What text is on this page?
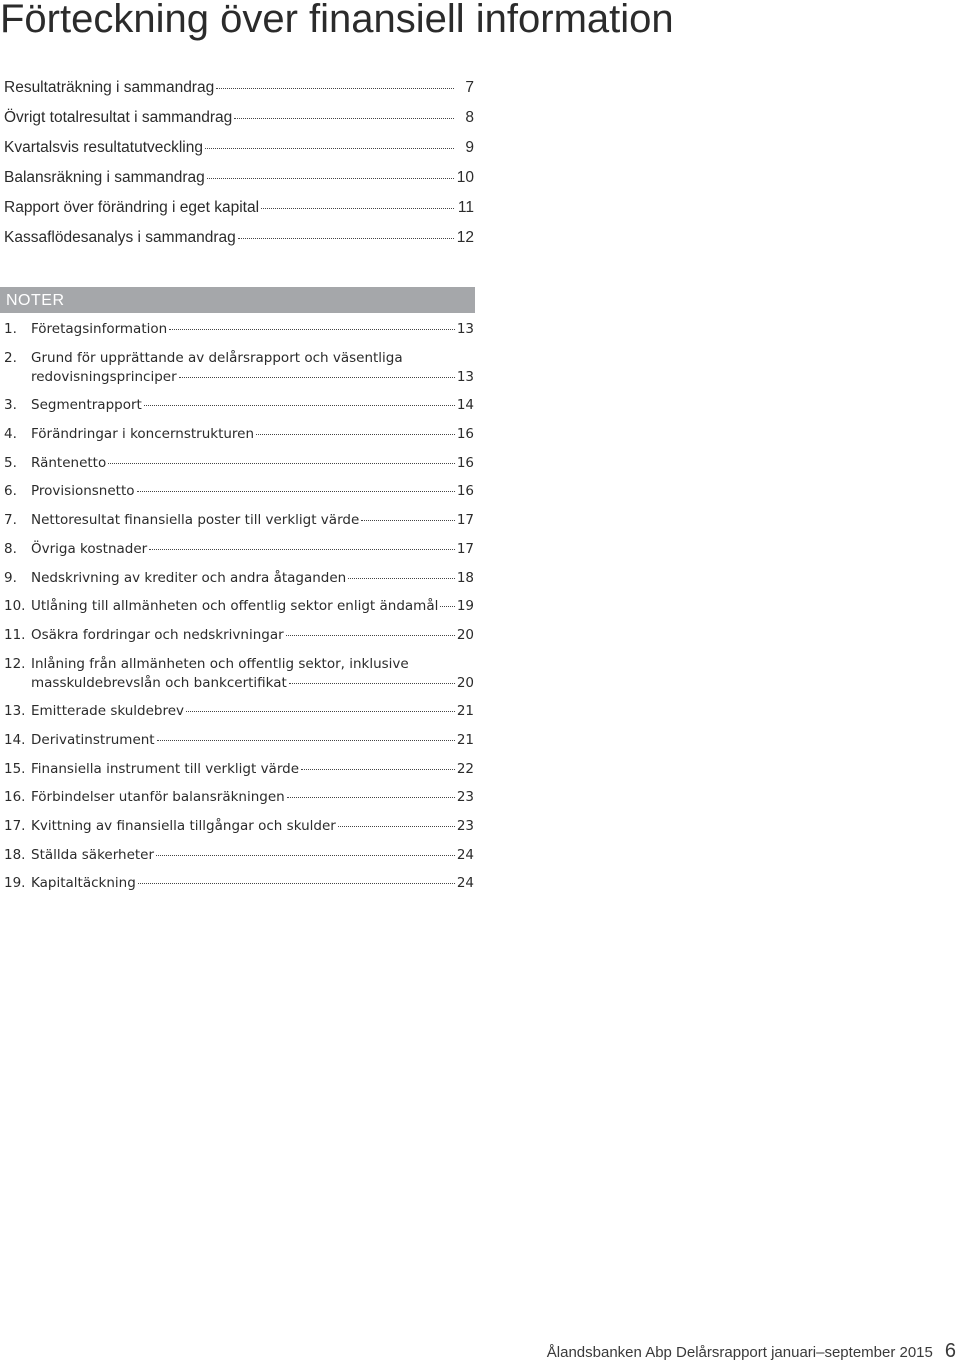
Förteckning över finansiell information
Resultaträkning i sammandrag	7
Övrigt totalresultat i sammandrag	8
Kvartalsvis resultatutveckling	9
Balansräkning i sammandrag	10
Rapport över förändring i eget kapital	11
Kassaflödesanalys i sammandrag	12
NOTER
1.	Företagsinformation	13
2.	Grund för upprättande av delårsrapport och väsentliga
redovisningsprinciper	13
3.	Segmentrapport	14
4.	Förändringar i koncernstrukturen	16
5.	Räntenetto	16
6.	Provisionsnetto	16
7.	Nettoresultat finansiella poster till verkligt värde	17
8.	Övriga kostnader	17
9.	Nedskrivning av krediter och andra åtaganden	18
10. Utlåning till allmänheten och offentlig sektor enligt ändamål 19
11. Osäkra fordringar och nedskrivningar	20
12. Inlåning från allmänheten och offentlig sektor, inklusive
masskuldebrevslån och bankcertifikat	20
13. Emitterade skuldebrev	21
14. Derivatinstrument	21
15. Finansiella instrument till verkligt värde	22
16. Förbindelser utanför balansräkningen	23
17. Kvittning av finansiella tillgångar och skulder	23
18. Ställda säkerheter	24
19. Kapitaltäckning	24
Ålandsbanken Abp Delårsrapport januari–september 2015 6
